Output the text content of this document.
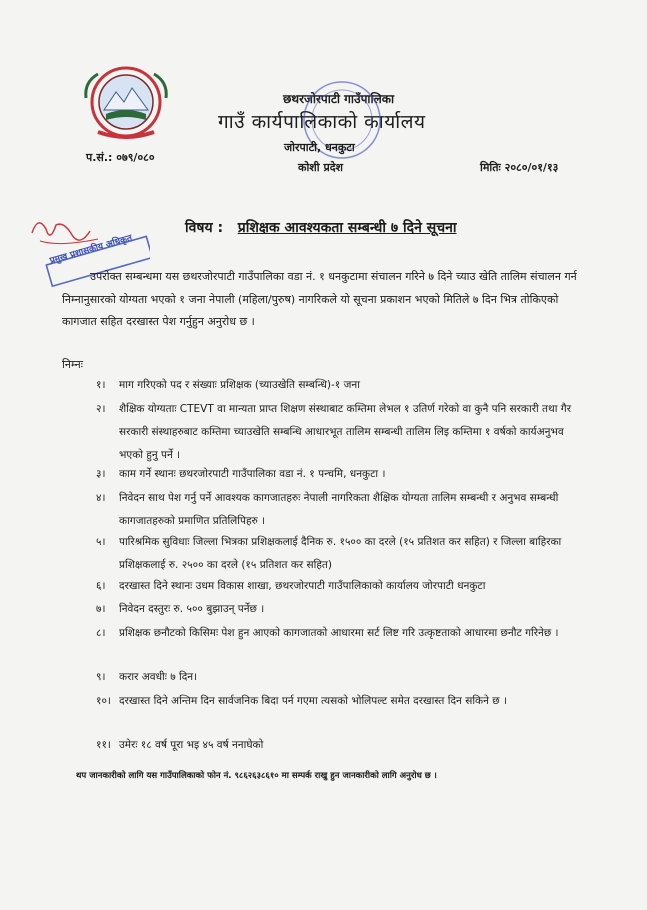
प.सं.: ०७९/०८०
छथरजोरपाटी गाउँपालिका
गाउँ कार्यपालिकाको कार्यालय
जोरपाटी, धनकुटा
कोशी प्रदेश	मितिः २०८०/०१/१३
विषय : प्रशिक्षक आवश्यकता सम्बन्धी ७ दिने सूचना
प्रमुख प्रशासकीय अधिकृत
उपरोक्त सम्बन्धमा यस छथरजोरपाटी गाउँपालिका वडा नं. १ धनकुटामा संचालन गरिने ७ दिने च्याउ खेति तालिम संचालन गर्न निम्नानुसारको योग्यता भएको १ जना नेपाली (महिला/पुरुष) नागरिकले यो सूचना प्रकाशन भएको मितिले ७ दिन भित्र तोकिएको कागजात सहित दरखास्त पेश गर्नुहुन अनुरोध छ ।
निम्नः
१।	माग गरिएको पद र संख्याः प्रशिक्षक (च्याउखेति सम्बन्धि)-१ जना
२।	शैक्षिक योग्यताः CTEVT वा मान्यता प्राप्त शिक्षण संस्थाबाट कम्तिमा लेभल १ उतिर्ण गरेको वा कुनै पनि सरकारी तथा गैर सरकारी संस्थाहरुबाट कम्तिमा च्याउखेति सम्बन्धि आधारभूत तालिम सम्बन्धी तालिम लिइ कम्तिमा १ वर्षको कार्यअनुभव भएको हुनु पर्ने ।
३।	काम गर्ने स्थानः छथरजोरपाटी गाउँपालिका वडा नं. १ पन्चमि, धनकुटा ।
४।	निवेदन साथ पेश गर्नु पर्ने आवश्यक कागजातहरुः नेपाली नागरिकता शैक्षिक योग्यता तालिम सम्बन्धी र अनुभव सम्बन्धी कागजातहरुको प्रमाणित प्रतिलिपिहरु ।
५।	पारिश्रमिक सुविधाः जिल्ला भित्रका प्रशिक्षकलाई दैनिक रु. १५०० का दरले (१५ प्रतिशत कर सहित) र जिल्ला बाहिरका प्रशिक्षकलाई रु. २५०० का दरले (१५ प्रतिशत कर सहित)
६।	दरखास्त दिने स्थानः उधम विकास शाखा, छथरजोरपाटी गाउँपालिकाको कार्यालय जोरपाटी धनकुटा
७।	निवेदन दस्तुरः रु. ५०० बुझाउन् पर्नेछ ।
८।	प्रशिक्षक छनौटको किसिमः पेश हुन आएको कागजातको आधारमा सर्ट लिष्ट गरि उत्कृष्टताको आधारमा छनौट गरिनेछ ।
९।	करार अवधीः ७ दिन।
१०। दरखास्त दिने अन्तिम दिन सार्वजनिक बिदा पर्न गएमा त्यसको भोलिपल्ट समेत दरखास्त दिन सकिने छ ।
११। उमेरः १८ वर्ष पूरा भइ ४५ वर्ष ननाघेको
थप जानकारीको लागि यस गाउँपालिकाको फोन नं. ९८६२६३८६१० मा सम्पर्क राखु हुन जानकारीको लागि अनुरोध छ ।
